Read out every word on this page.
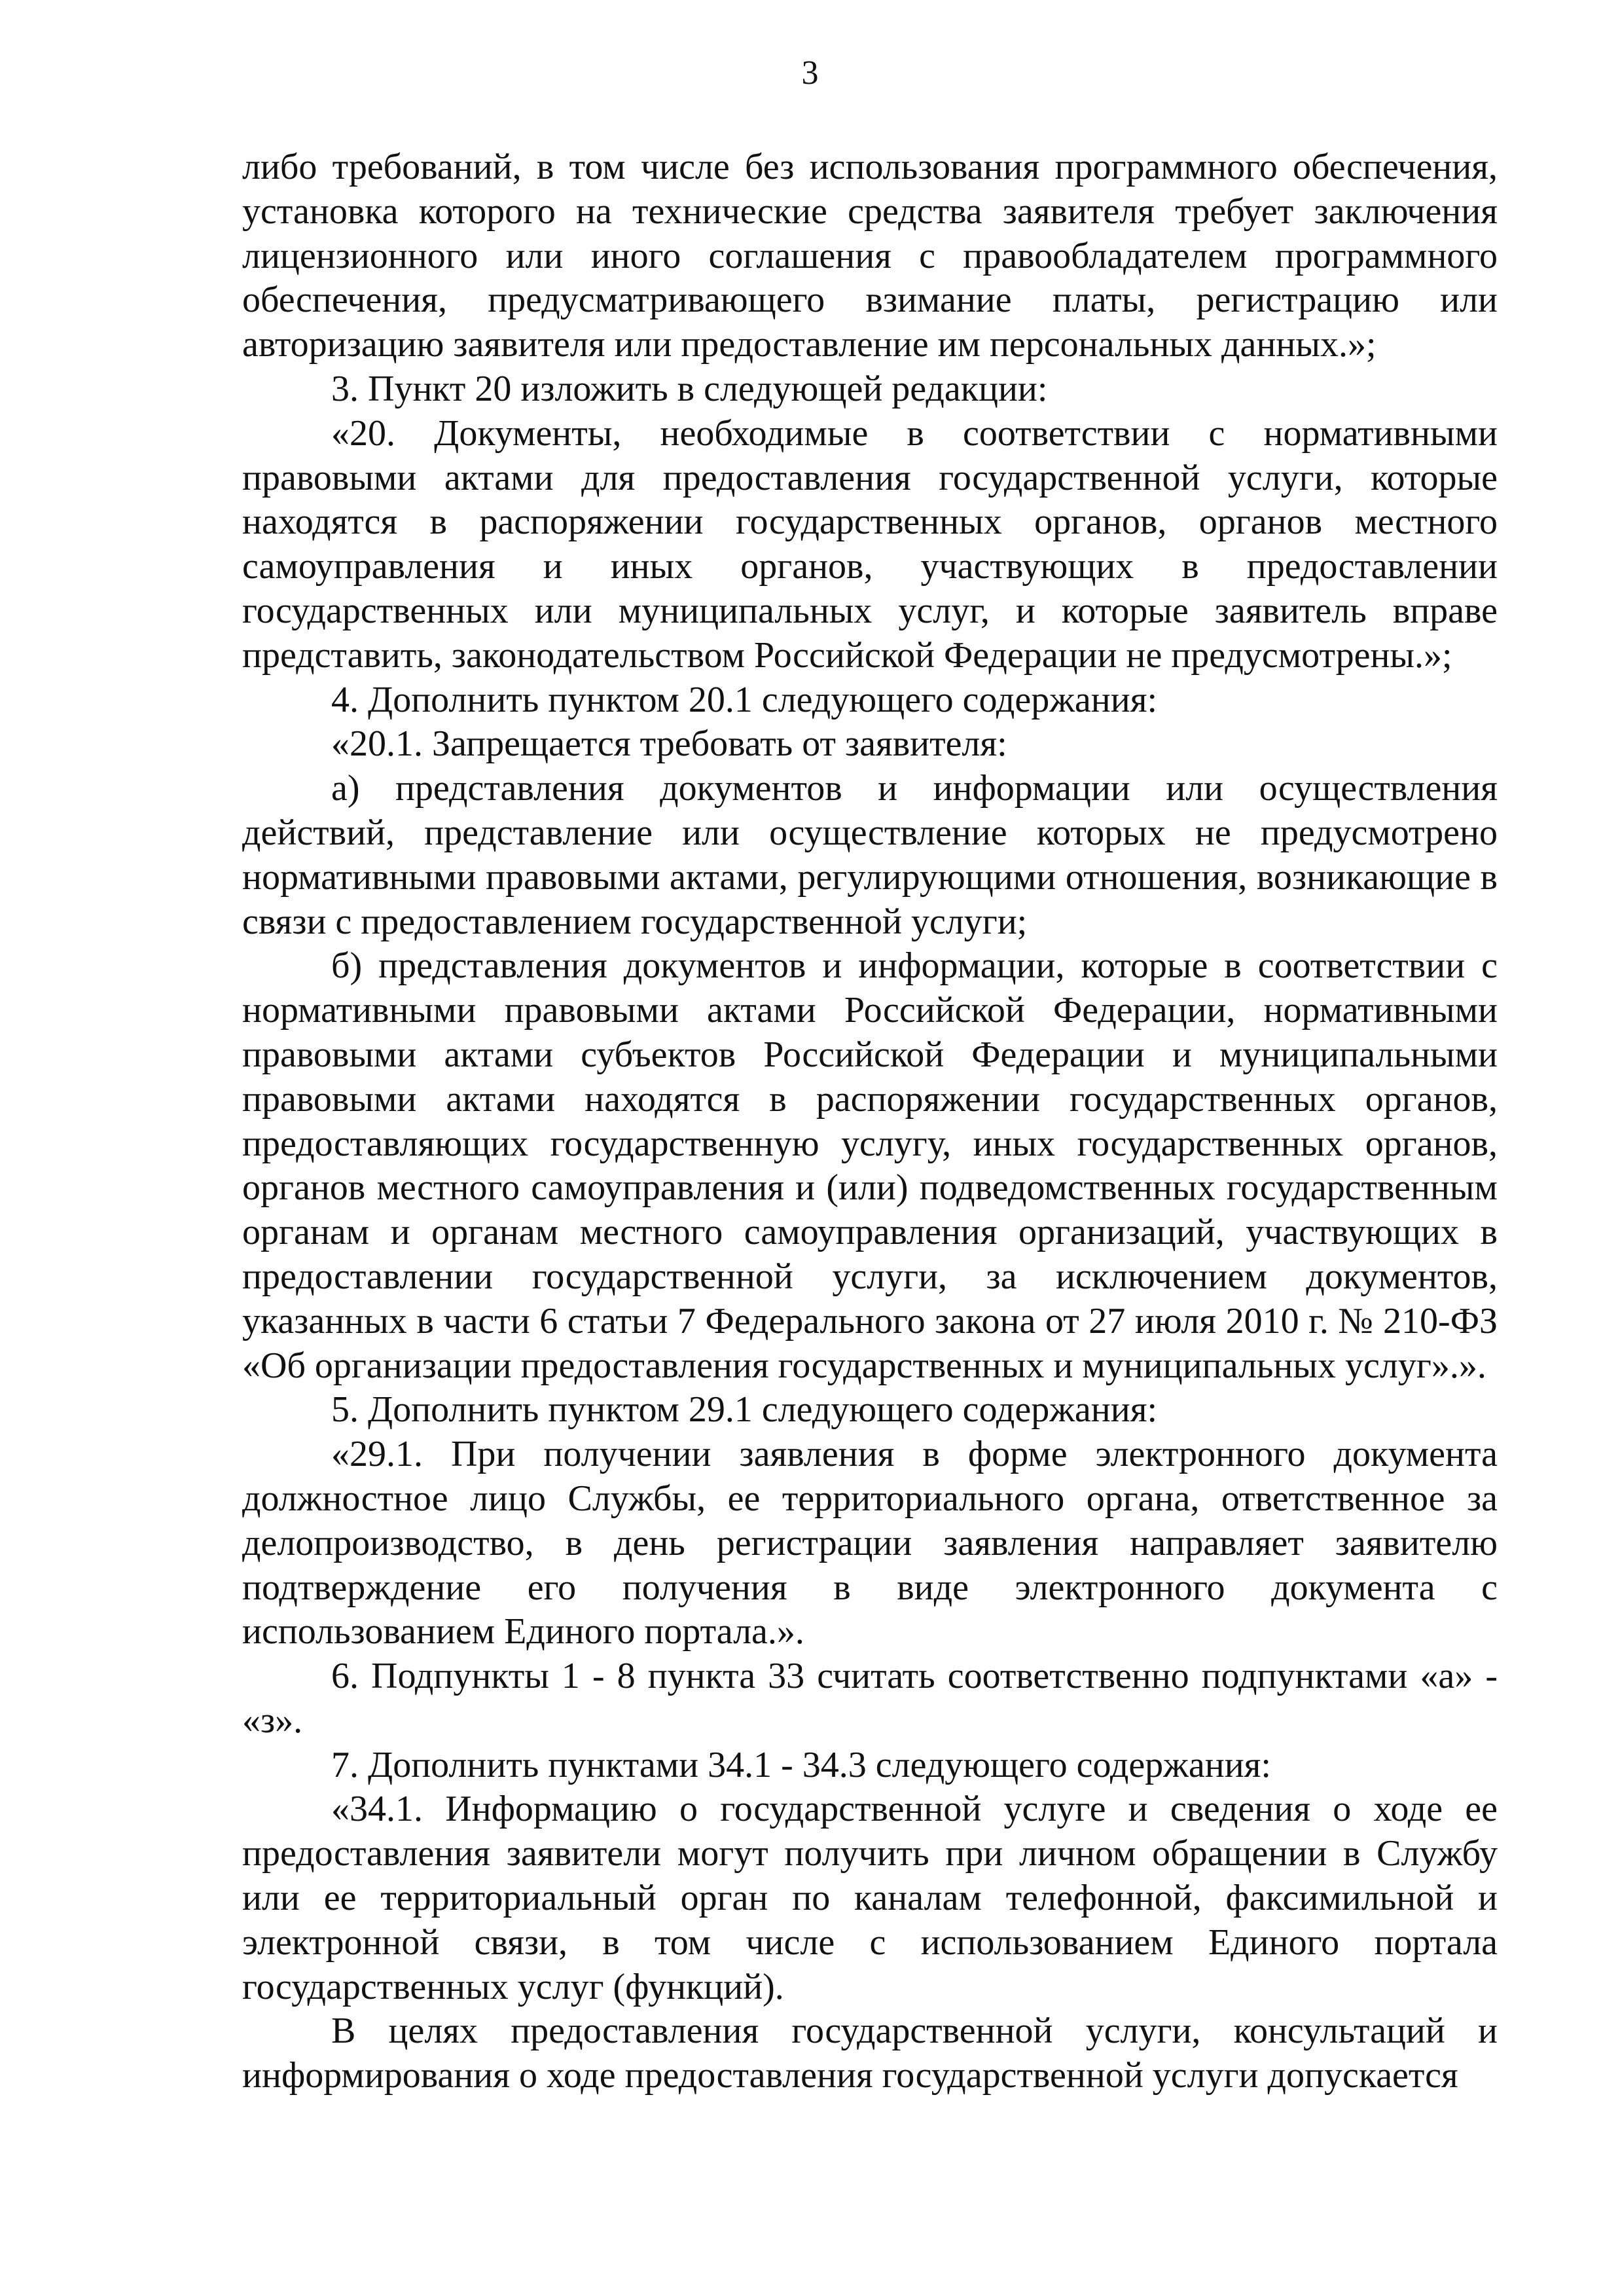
3

либо требований, в том числе без использования программного обеспечения, установка которого на технические средства заявителя требует заключения лицензионного или иного соглашения с правообладателем программного обеспечения, предусматривающего взимание платы, регистрацию или авторизацию заявителя или предоставление им персональных данных.»;

3. Пункт 20 изложить в следующей редакции:

«20. Документы, необходимые в соответствии с нормативными правовыми актами для предоставления государственной услуги, которые находятся в распоряжении государственных органов, органов местного самоуправления и иных органов, участвующих в предоставлении государственных или муниципальных услуг, и которые заявитель вправе представить, законодательством Российской Федерации не предусмотрены.»;

4. Дополнить пунктом 20.1 следующего содержания:

«20.1. Запрещается требовать от заявителя:

а) представления документов и информации или осуществления действий, представление или осуществление которых не предусмотрено нормативными правовыми актами, регулирующими отношения, возникающие в связи с предоставлением государственной услуги;

б) представления документов и информации, которые в соответствии с нормативными правовыми актами Российской Федерации, нормативными правовыми актами субъектов Российской Федерации и муниципальными правовыми актами находятся в распоряжении государственных органов, предоставляющих государственную услугу, иных государственных органов, органов местного самоуправления и (или) подведомственных государственным органам и органам местного самоуправления организаций, участвующих в предоставлении государственной услуги, за исключением документов, указанных в части 6 статьи 7 Федерального закона от 27 июля 2010 г. № 210-ФЗ «Об организации предоставления государственных и муниципальных услуг».».

5. Дополнить пунктом 29.1 следующего содержания:

«29.1. При получении заявления в форме электронного документа должностное лицо Службы, ее территориального органа, ответственное за делопроизводство, в день регистрации заявления направляет заявителю подтверждение его получения в виде электронного документа с использованием Единого портала.».

6. Подпункты 1 - 8 пункта 33 считать соответственно подпунктами «а» - «з».

7. Дополнить пунктами 34.1 - 34.3 следующего содержания:

«34.1. Информацию о государственной услуге и сведения о ходе ее предоставления заявители могут получить при личном обращении в Службу или ее территориальный орган по каналам телефонной, факсимильной и электронной связи, в том числе с использованием Единого портала государственных услуг (функций).

В целях предоставления государственной услуги, консультаций и информирования о ходе предоставления государственной услуги допускается
